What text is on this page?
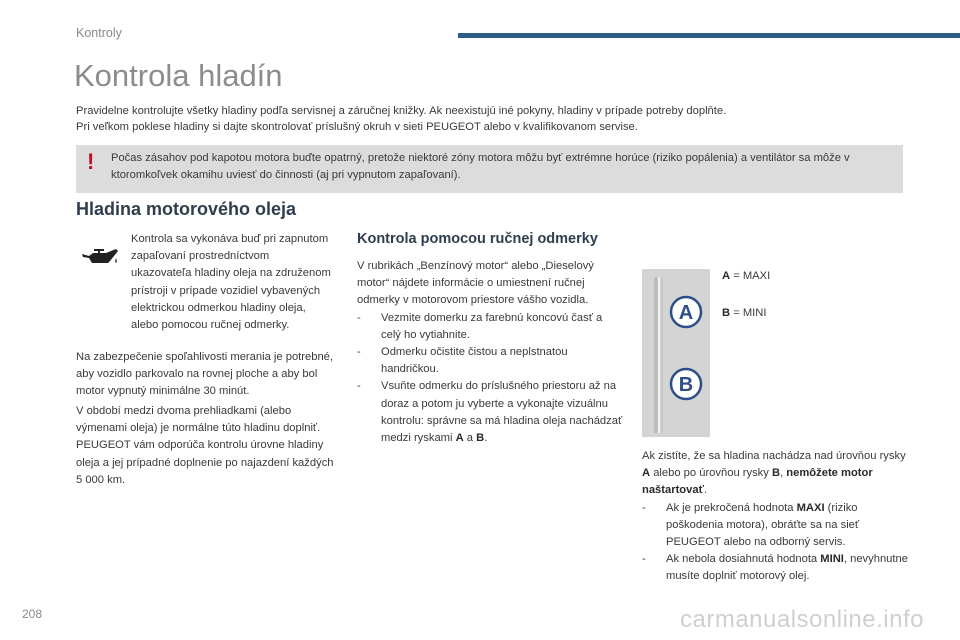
Kontroly
Kontrola hladín

Pravidelne kontrolujte všetky hladiny podľa servisnej a záručnej knižky. Ak neexistujú iné pokyny, hladiny v prípade potreby doplňte.

Pri veľkom poklese hladiny si dajte skontrolovať príslušný okruh v sieti PEUGEOT alebo v kvalifikovanom servise.

! Počas zásahov pod kapotou motora buďte opatrný, pretože niektoré zóny motora môžu byť extrémne horúce (riziko popálenia) a ventilátor sa môže v ktoromkoľvek okamihu uviesť do činnosti (aj pri vypnutom zapaľovaní).
Hladina motorového oleja
Kontrola sa vykonáva buď pri zapnutom zapaľovaní prostredníctvom ukazovateľa hladiny oleja na združenom prístroji v prípade vozidiel vybavených elektrickou odmerkou hladiny oleja, alebo pomocou ručnej odmerky.
Na zabezpečenie spoľahlivosti merania je potrebné, aby vozidlo parkovalo na rovnej ploche a aby bol motor vypnutý minimálne 30 minút.
V období medzi dvoma prehliadkami (alebo výmenami oleja) je normálne túto hladinu doplniť. PEUGEOT vám odporúča kontrolu úrovne hladiny oleja a jej prípadné doplnenie po najazdení každých 5 000 km.
Kontrola pomocou ručnej odmerky

V rubrikách „Benzínový motor“ alebo „Dieselový motor“ nájdete informácie o umiestnení ručnej odmerky v motorovom priestore vášho vozidla.

- Vezmite domerku za farebnú koncovú časť a celý ho vytiahnite.

- Odmerku očistite čistou a neplstnatou handričkou.

- Vsuňte odmerku do príslušného priestoru až na doraz a potom ju vyberte a vykonajte vizuálnu kontrolu: správne sa má hladina oleja nachádzať medzi ryskami A a B.

A
B
A = MAXI
B = MINI

Ak zistíte, že sa hladina nachádza nad úrovňou rysky A alebo po úrovňou rysky B, nemôžete motor naštartovať.

- Ak je prekročená hodnota MAXI (riziko poškodenia motora), obráťte sa na sieť PEUGEOT alebo na odborný servis.

- Ak nebola dosiahnutá hodnota MINI, nevyhnutne musíte doplniť motorový olej.

208	carmanualsonline.info
